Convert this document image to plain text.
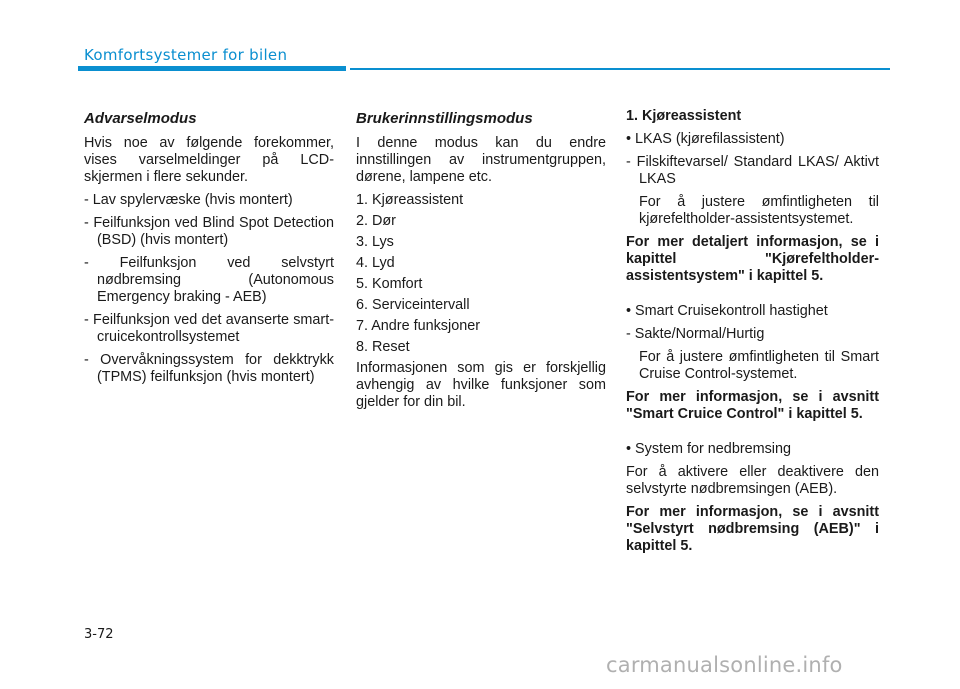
Komfortsystemer for bilen
Advarselmodus

Hvis noe av følgende forekommer, vises varselmeldinger på LCD-skjermen i flere sekunder.

- Lav spylervæske (hvis montert)

- Feilfunksjon ved Blind Spot Detection (BSD) (hvis montert)

- Feilfunksjon ved selvstyrt nødbremsing (Autonomous Emergency braking - AEB)

- Feilfunksjon ved det avanserte smart-cruicekontrollsystemet

- Overvåkningssystem for dekktrykk (TPMS) feilfunksjon (hvis montert)

Brukerinnstillingsmodus

I denne modus kan du endre innstillingen av instrumentgruppen, dørene, lampene etc.

1. Kjøreassistent

2. Dør

3. Lys

4. Lyd

5. Komfort

6. Serviceintervall

7. Andre funksjoner

8. Reset

Informasjonen som gis er forskjellig avhengig av hvilke funksjoner som gjelder for din bil.

1. Kjøreassistent

• LKAS (kjørefilassistent)

- Filskiftevarsel/ Standard LKAS/ Aktivt LKAS

For å justere ømfintligheten til kjørefeltholder-assistentsystemet.

For mer detaljert informasjon, se i kapittel "Kjørefeltholder-assistentsystem" i kapittel 5.

• Smart Cruisekontroll hastighet

- Sakte/Normal/Hurtig

For å justere ømfintligheten til Smart Cruise Control-systemet.

For mer informasjon, se i avsnitt "Smart Cruice Control" i kapittel 5.

• System for nedbremsing

For å aktivere eller deaktivere den selvstyrte nødbremsingen (AEB).

For mer informasjon, se i avsnitt "Selvstyrt nødbremsing (AEB)" i kapittel 5.

3-72
carmanualsonline.info
